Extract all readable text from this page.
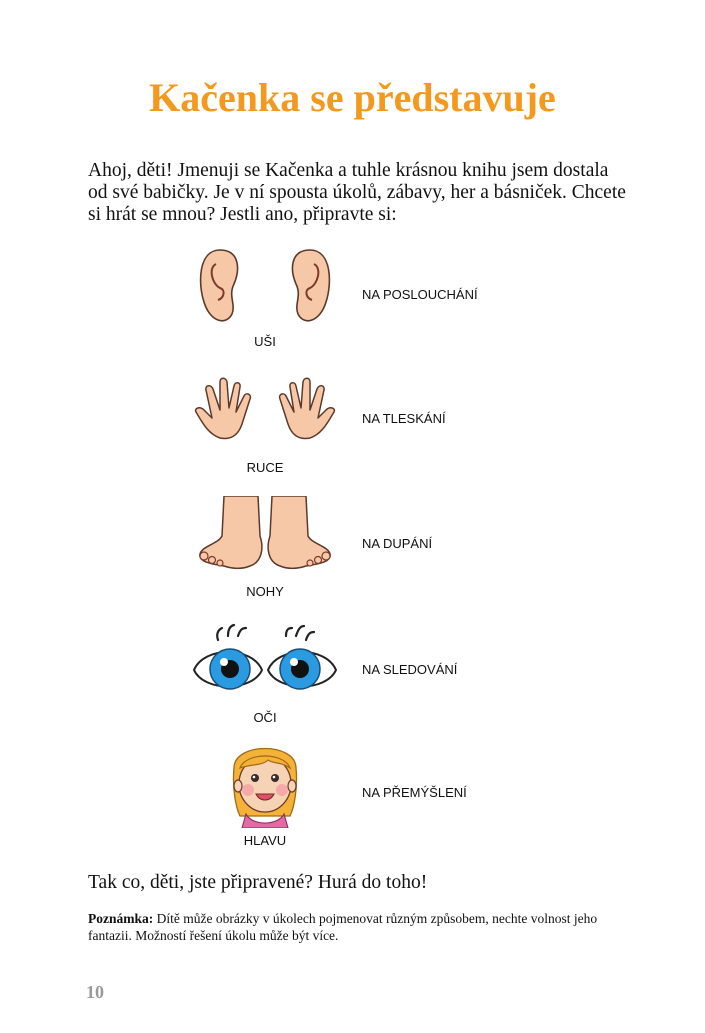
Kačenka se představuje

Ahoj, děti! Jmenuji se Kačenka a tuhle krásnou knihu jsem dostala od své babičky. Je v ní spousta úkolů, zábavy, her a básniček. Chcete si hrát se mnou? Jestli ano, připravte si:

UŠI
NA POSLOUCHÁNÍ
RUCE
NA TLESKÁNÍ
NOHY
NA DUPÁNÍ
OČI
NA SLEDOVÁNÍ
HLAVU
NA PŘEMÝŠLENÍ

Tak co, děti, jste připravené? Hurá do toho!

Poznámka: Dítě může obrázky v úkolech pojmenovat různým způsobem, nechte volnost jeho fantazii. Možností řešení úkolu může být více.

10
